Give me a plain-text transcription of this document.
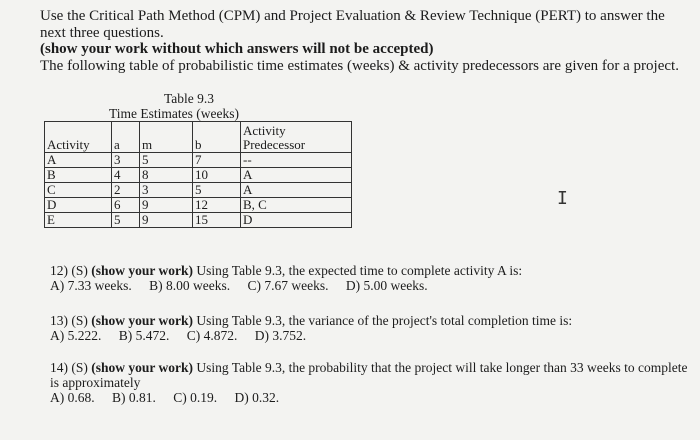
Use the Critical Path Method (CPM) and Project Evaluation & Review Technique (PERT) to answer the next three questions.
(show your work without which answers will not be accepted)
The following table of probabilistic time estimates (weeks) & activity predecessors are given for a project.
Table 9.3
Time Estimates (weeks)
Activity	a	m	b	Activity Predecessor
A	3	5	7	--
B	4	8	10	A
C	2	3	5	A
D	6	9	12	B, C
E	5	9	15	D
I
12) (S) (show your work) Using Table 9.3, the expected time to complete activity A is:
A) 7.33 weeks. B) 8.00 weeks. C) 7.67 weeks. D) 5.00 weeks.
13) (S) (show your work) Using Table 9.3, the variance of the project's total completion time is:
A) 5.222. B) 5.472. C) 4.872. D) 3.752.
14) (S) (show your work) Using Table 9.3, the probability that the project will take longer than 33 weeks to complete is approximately
A) 0.68. B) 0.81. C) 0.19. D) 0.32.
